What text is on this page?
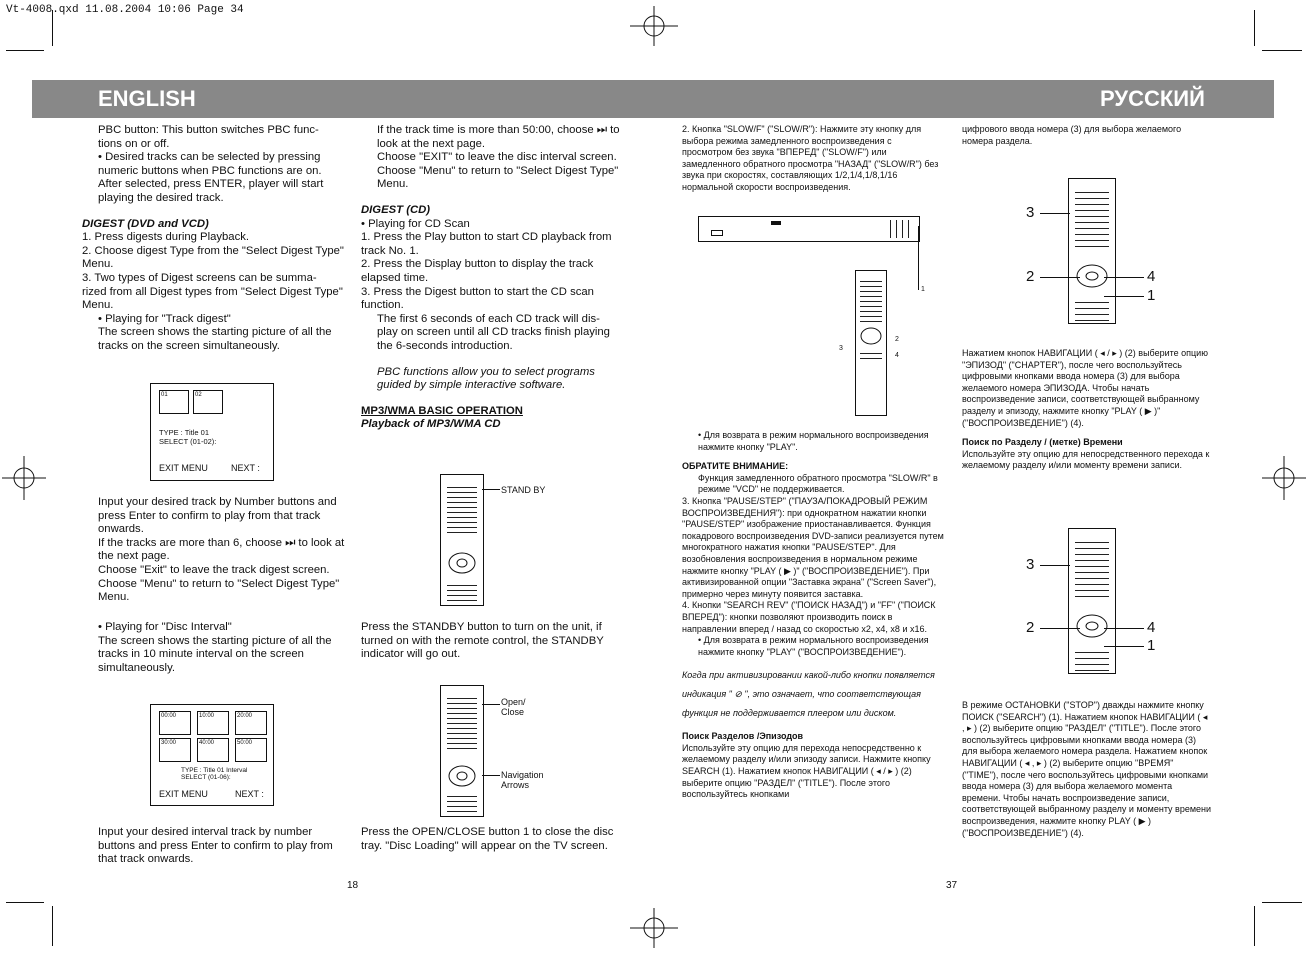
Vt-4008.qxd 11.08.2004 10:06 Page 34
ENGLISH	РУССКИЙ

PBC button: This button switches PBC func- tions on or off.

• Desired tracks can be selected by pressing numeric buttons when PBC functions are on. After selected, press ENTER, player will start playing the desired track.

DIGEST (DVD and VCD)

1. Press digests during Playback.

2. Choose digest Type from the "Select Digest Type" Menu.

3. Two types of Digest screens can be summa- rized from all Digest types from "Select Digest Type" Menu.

• Playing for "Track digest"

The screen shows the starting picture of all the tracks on the screen simultaneously.

01	02
TYPE : Title 01
SELECT (01-02):
EXIT MENU	NEXT :

Input your desired track by Number buttons and press Enter to confirm to play from that track onwards.

If the tracks are more than 6, choose ⏭ to look at the next page.

Choose "Exit" to leave the track digest screen.

Choose "Menu" to return to "Select Digest Type" Menu.

• Playing for "Disc Interval"

The screen shows the starting picture of all the tracks in 10 minute interval on the screen simultaneously.

00:00	10:00	20:00
30:00	40:00	50:00
TYPE : Title 01 Interval
SELECT (01-06):
EXIT MENU	NEXT :

Input your desired interval track by number buttons and press Enter to confirm to play from that track onwards.

If the track time is more than 50:00, choose ⏭ to look at the next page.

Choose "EXIT" to leave the disc interval screen.

Choose "Menu" to return to "Select Digest Type" Menu.

DIGEST (CD)

• Playing for CD Scan

1. Press the Play button to start CD playback from track No. 1.

2. Press the Display button to display the track elapsed time.

3. Press the Digest button to start the CD scan function.

The first 6 seconds of each CD track will dis- play on screen until all CD tracks finish playing the 6-seconds introduction.

PBC functions allow you to select programs guided by simple interactive software.

MP3/WMA BASIC OPERATION

Playback of MP3/WMA CD

STAND BY

Press the STANDBY button to turn on the unit, if turned on with the remote control, the STANDBY indicator will go out.

Open/ Close
Navigation Arrows

Press the OPEN/CLOSE button 1 to close the disc tray. "Disc Loading" will appear on the TV screen.

18

2. Кнопка "SLOW/F" ("SLOW/R"): Нажмите эту кнопку для выбора режима замедленного воспроизведения с просмотром без звука "ВПЕРЕД" ("SLOW/F") или замедленного обратного просмотра "НАЗАД" ("SLOW/R") без звука при скоростях, составляющих 1/2,1/4,1/8,1/16 нормальной скорости воспроизведения.

1
2
3
4

• Для возврата в режим нормального воспроизведения нажмите кнопку "PLAY".

ОБРАТИТЕ ВНИМАНИЕ:

Функция замедленного обратного просмотра "SLOW/R" в режиме "VCD" не поддерживается.

3. Кнопка "PAUSE/STEP" ("ПАУЗА/ПОКАДРОВЫЙ РЕЖИМ ВОСПРОИЗВЕДЕНИЯ"): при однократном нажатии кнопки "PAUSE/STEP" изображение приостанавливается. Функция покадрового воспроизведения DVD-записи реализуется путем многократного нажатия кнопки "PAUSE/STEP". Для возобновления воспроизведения в нормальном режиме нажмите кнопку "PLAY ( ▶ )" ("ВОСПРОИЗВЕДЕНИЕ"). При активизированной опции "Заставка экрана" ("Screen Saver"), примерно через минуту появится заставка.

4. Кнопки "SEARCH REV" ("ПОИСК НАЗАД") и "FF" ("ПОИСК ВПЕРЕД"): кнопки позволяют производить поиск в направлении вперед / назад со скоростью x2, x4, x8 и x16.

• Для возврата в режим нормального воспроизведения нажмите кнопку "PLAY" ("ВОСПРОИЗВЕДЕНИЕ").

Когда при активизировании какой-либо кнопки появляется индикация " ⊘ ", это означает, что соответствующая функция не поддерживается плеером или диском.

Поиск Разделов /Эпизодов

Используйте эту опцию для перехода непосредственно к желаемому разделу и/или эпизоду записи. Нажмите кнопку SEARCH (1). Нажатием кнопок НАВИГАЦИИ ( ◂ / ▸ ) (2) выберите опцию "РАЗДЕЛ" ("TITLE"). После этого воспользуйтесь кнопками

цифрового ввода номера (3) для выбора желаемого номера раздела.

3
2	4
1

Нажатием кнопок НАВИГАЦИИ ( ◂ / ▸ ) (2) выберите опцию "ЭПИЗОД" ("CHAPTER"), после чего воспользуйтесь цифровыми кнопками ввода номера (3) для выбора желаемого номера ЭПИЗОДА. Чтобы начать воспроизведение записи, соответствующей выбранному разделу и эпизоду, нажмите кнопку "PLAY ( ▶ )" ("ВОСПРОИЗВЕДЕНИЕ") (4).

Поиск по Разделу / (метке) Времени

Используйте эту опцию для непосредственного перехода к желаемому разделу и/или моменту времени записи.

3
2	4
1

В режиме ОСТАНОВКИ ("STOP") дважды нажмите кнопку ПОИСК ("SEARCH") (1). Нажатием кнопок НАВИГАЦИИ ( ◂ , ▸ ) (2) выберите опцию "РАЗДЕЛ" ("TITLE"). После этого воспользуйтесь цифровыми кнопками ввода номера (3) для выбора желаемого номера раздела. Нажатием кнопок НАВИГАЦИИ ( ◂ , ▸ ) (2) выберите опцию "ВРЕМЯ" ("TIME"), после чего воспользуйтесь цифровыми кнопками ввода номера (3) для выбора желаемого момента времени. Чтобы начать воспроизведение записи, соответствующей выбранному разделу и моменту времени воспроизведения, нажмите кнопку PLAY ( ▶ ) ("ВОСПРОИЗВЕДЕНИЕ") (4).

37
